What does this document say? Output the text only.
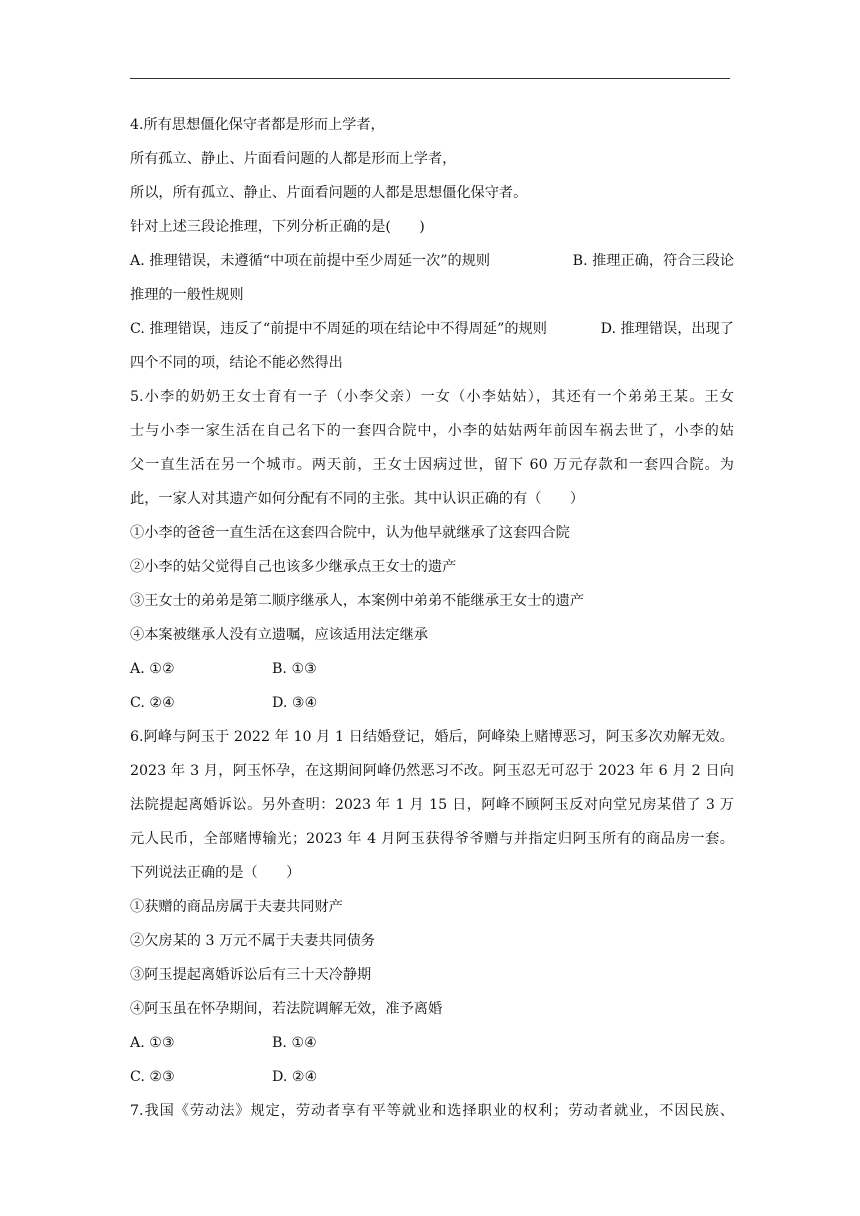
4.所有思想僵化保守者都是形而上学者，
所有孤立、静止、片面看问题的人都是形而上学者，
所以，所有孤立、静止、片面看问题的人都是思想僵化保守者。
针对上述三段论推理，下列分析正确的是(　　)
A. 推理错误，未遵循“中项在前提中至少周延一次”的规则	B. 推理正确，符合三段论
推理的一般性规则
C. 推理错误，违反了“前提中不周延的项在结论中不得周延”的规则	D. 推理错误，出现了
四个不同的项，结论不能必然得出
5.小李的奶奶王女士育有一子（小李父亲）一女（小李姑姑），其还有一个弟弟王某。王女
士与小李一家生活在自己名下的一套四合院中，小李的姑姑两年前因车祸去世了，小李的姑
父一直生活在另一个城市。两天前，王女士因病过世，留下 60 万元存款和一套四合院。为
此，一家人对其遗产如何分配有不同的主张。其中认识正确的有（　　）
①小李的爸爸一直生活在这套四合院中，认为他早就继承了这套四合院
②小李的姑父觉得自己也该多少继承点王女士的遗产
③王女士的弟弟是第二顺序继承人，本案例中弟弟不能继承王女士的遗产
④本案被继承人没有立遗嘱，应该适用法定继承
A. ①②	B. ①③
C. ②④	D. ③④
6.阿峰与阿玉于 2022 年 10 月 1 日结婚登记，婚后，阿峰染上赌博恶习，阿玉多次劝解无效。
2023 年 3 月，阿玉怀孕，在这期间阿峰仍然恶习不改。阿玉忍无可忍于 2023 年 6 月 2 日向
法院提起离婚诉讼。另外查明：2023 年 1 月 15 日，阿峰不顾阿玉反对向堂兄房某借了 3 万
元人民币，全部赌博输光；2023 年 4 月阿玉获得爷爷赠与并指定归阿玉所有的商品房一套。
下列说法正确的是（　　）
①获赠的商品房属于夫妻共同财产
②欠房某的 3 万元不属于夫妻共同债务
③阿玉提起离婚诉讼后有三十天冷静期
④阿玉虽在怀孕期间，若法院调解无效，准予离婚
A. ①③	B. ①④
C. ②③	D. ②④
7.我国《劳动法》规定，劳动者享有平等就业和选择职业的权利；劳动者就业，不因民族、
